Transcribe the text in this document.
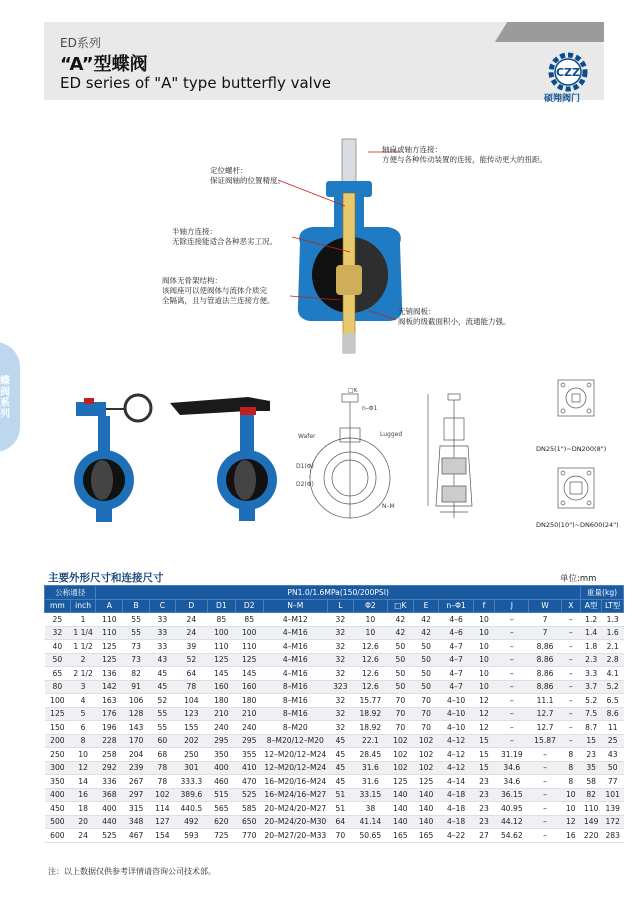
ED系列
“A”型蝶阀
ED series of "A" type butterfly valve
CZZ
硕翔阀门
蝶阀系列
定位螺杆：
保证阀轴的位置精度。
半轴方连接：
无除连接能适合各种恶劣工况。
阀体无骨架结构：
该阀座可以使阀体与流体介质完
全隔离，且与管道法兰连接方便。
轴扁或轴方连接：
方便与各种传动装置的连接，能传动更大的扭距。
无销阀板：
阀板的级截面积小，流通能力强。
Wafer	Lugged
n–Φ1
□K
D1(Φ)
D2(Φ)
N–M
DN25(1")~DN200(8")
DN250(10")~DN600(24")
主要外形尺寸和连接尺寸	单位:mm
公称通径		PN1.0/1.6MPa(150/200PSI)																重量(kg)	
mm	inch	A	B	C	D	D1	D2	N–M	L	Φ2	□K	E	n–Φ1	f	J	W	X	A型	LT型
25	1	110	55	33	24	85	85	4–M12	32	10	42	42	4–6	10	–	7	–	1.2	1.3
32	1 1/4	110	55	33	24	100	100	4–M16	32	10	42	42	4–6	10	–	7	–	1.4	1.6
40	1 1/2	125	73	33	39	110	110	4–M16	32	12.6	50	50	4–7	10	–	8.86	–	1.8	2.1
50	2	125	73	43	52	125	125	4–M16	32	12.6	50	50	4–7	10	–	8.86	–	2.3	2.8
65	2 1/2	136	82	45	64	145	145	4–M16	32	12.6	50	50	4–7	10	–	8.86	–	3.3	4.1
80	3	142	91	45	78	160	160	8–M16	323	12.6	50	50	4–7	10	–	8.86	–	3.7	5.2
100	4	163	106	52	104	180	180	8–M16	32	15.77	70	70	4–10	12	–	11.1	–	5.2	6.5
125	5	176	128	55	123	210	210	8–M16	32	18.92	70	70	4–10	12	–	12.7	–	7.5	8.6
150	6	196	143	55	155	240	240	8–M20	32	18.92	70	70	4–10	12	–	12.7	–	8.7	11
200	8	228	170	60	202	295	295	8–M20/12–M20	45	22.1	102	102	4–12	15	–	15.87	–	15	25
250	10	258	204	68	250	350	355	12–M20/12–M24	45	28.45	102	102	4–12	15	31.19	–	8	23	43
300	12	292	239	78	301	400	410	12–M20/12–M24	45	31.6	102	102	4–12	15	34.6	–	8	35	50
350	14	336	267	78	333.3	460	470	16–M20/16–M24	45	31.6	125	125	4–14	23	34.6	–	8	58	77
400	16	368	297	102	389.6	515	525	16–M24/16–M27	51	33.15	140	140	4–18	23	36.15	–	10	82	101
450	18	400	315	114	440.5	565	585	20–M24/20–M27	51	38	140	140	4–18	23	40.95	–	10	110	139
500	20	440	348	127	492	620	650	20–M24/20–M30	64	41.14	140	140	4–18	23	44.12	–	12	149	172
600	24	525	467	154	593	725	770	20–M27/20–M33	70	50.65	165	165	4–22	27	54.62	–	16	220	283
注：以上数据仅供参考详情请咨询公司技术部。
